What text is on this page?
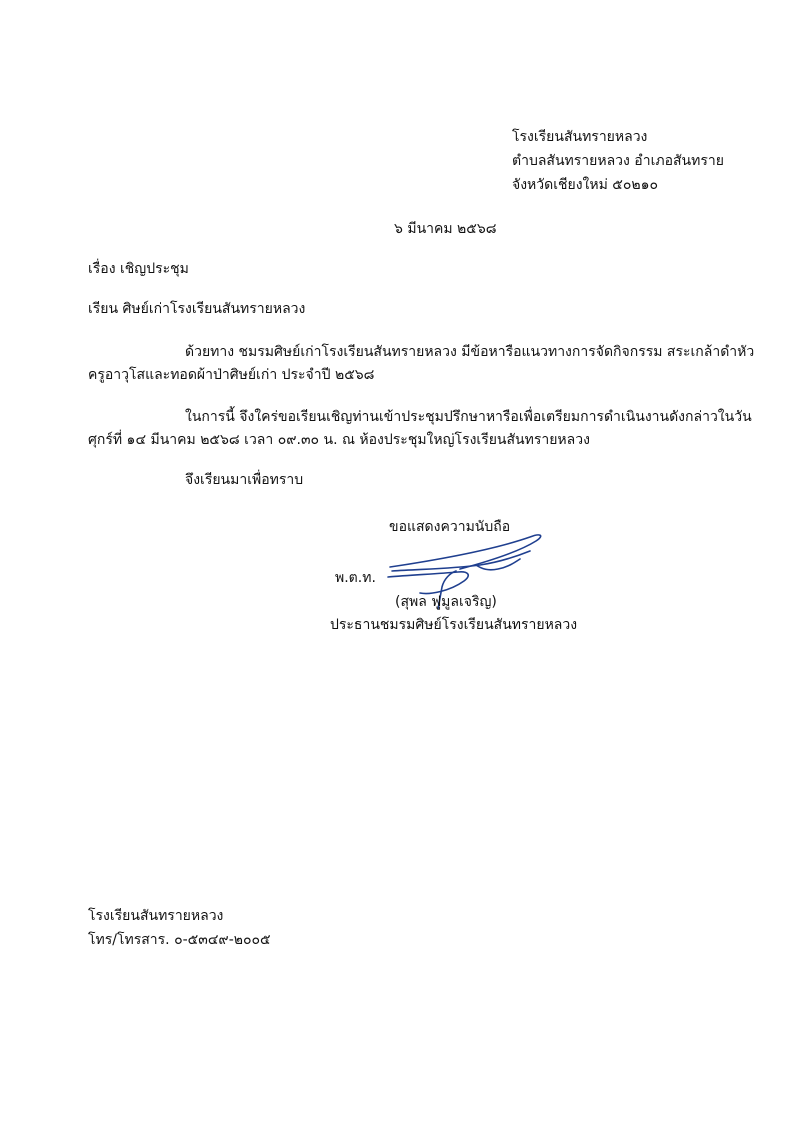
โรงเรียนสันทรายหลวง
ตำบลสันทรายหลวง อำเภอสันทราย
จังหวัดเชียงใหม่ ๕๐๒๑๐
๖ มีนาคม ๒๕๖๘
เรื่อง เชิญประชุม
เรียน ศิษย์เก่าโรงเรียนสันทรายหลวง
ด้วยทาง ชมรมศิษย์เก่าโรงเรียนสันทรายหลวง มีข้อหารือแนวทางการจัดกิจกรรม สระเกล้าดำหัว
ครูอาวุโสและทอดผ้าป่าศิษย์เก่า ประจำปี ๒๕๖๘
ในการนี้ จึงใคร่ขอเรียนเชิญท่านเข้าประชุมปรึกษาหารือเพื่อเตรียมการดำเนินงานดังกล่าวในวัน
ศุกร์ที่ ๑๔ มีนาคม ๒๕๖๘ เวลา ๐๙.๓๐ น. ณ ห้องประชุมใหญ่โรงเรียนสันทรายหลวง
จึงเรียนมาเพื่อทราบ
ขอแสดงความนับถือ
พ.ต.ท.
(สุพล ฟูมูลเจริญ)
ประธานชมรมศิษย์โรงเรียนสันทรายหลวง
โรงเรียนสันทรายหลวง
โทร/โทรสาร. ๐-๕๓๔๙-๒๐๐๕
